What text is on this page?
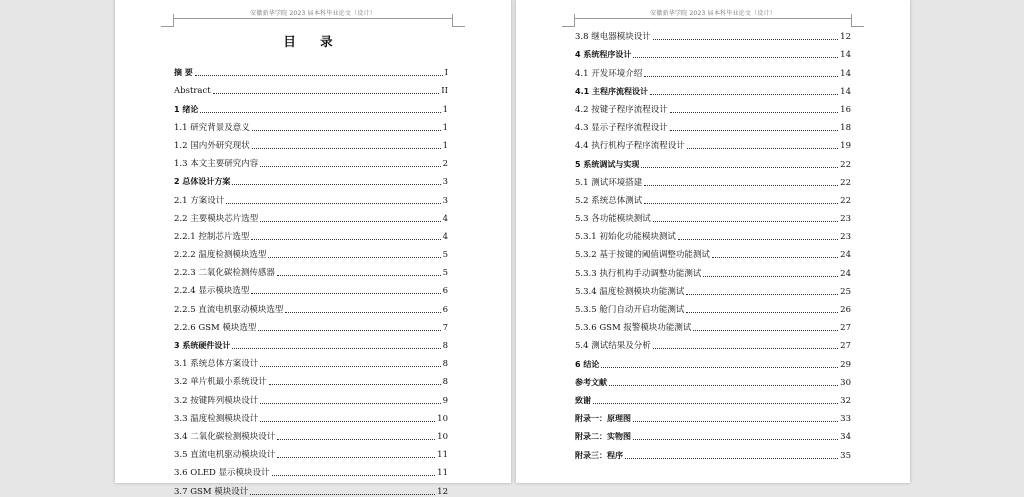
安徽新华学院 2023 届本科毕业论文（设计）
目 录
摘 要	I
Abstract	II
1 绪论	1
1.1 研究背景及意义	1
1.2 国内外研究现状	1
1.3 本文主要研究内容	2
2 总体设计方案	3
2.1 方案设计	3
2.2 主要模块芯片选型	4
2.2.1 控制芯片选型	4
2.2.2 温度检测模块选型	5
2.2.3 二氧化碳检测传感器	5
2.2.4 显示模块选型	6
2.2.5 直流电机驱动模块选型	6
2.2.6 GSM 模块选型	7
3 系统硬件设计	8
3.1 系统总体方案设计	8
3.2 单片机最小系统设计	8
3.2 按键阵列模块设计	9
3.3 温度检测模块设计	10
3.4 二氧化碳检测模块设计	10
3.5 直流电机驱动模块设计	11
3.6 OLED 显示模块设计	11
3.7 GSM 模块设计	12
安徽新华学院 2023 届本科毕业论文（设计）
3.8 继电器模块设计	12
4 系统程序设计	14
4.1 开发环境介绍	14
4.1 主程序流程设计	14
4.2 按键子程序流程设计	16
4.3 显示子程序流程设计	18
4.4 执行机构子程序流程设计	19
5 系统调试与实现	22
5.1 测试环境搭建	22
5.2 系统总体测试	22
5.3 各功能模块测试	23
5.3.1 初始化功能模块测试	23
5.3.2 基于按键的阈值调整功能测试	24
5.3.3 执行机构手动调整功能测试	24
5.3.4 温度检测模块功能测试	25
5.3.5 舱门自动开启功能测试	26
5.3.6 GSM 报警模块功能测试	27
5.4 测试结果及分析	27
6 结论	29
参考文献	30
致谢	32
附录一：原理图	33
附录二：实物图	34
附录三：程序	35
